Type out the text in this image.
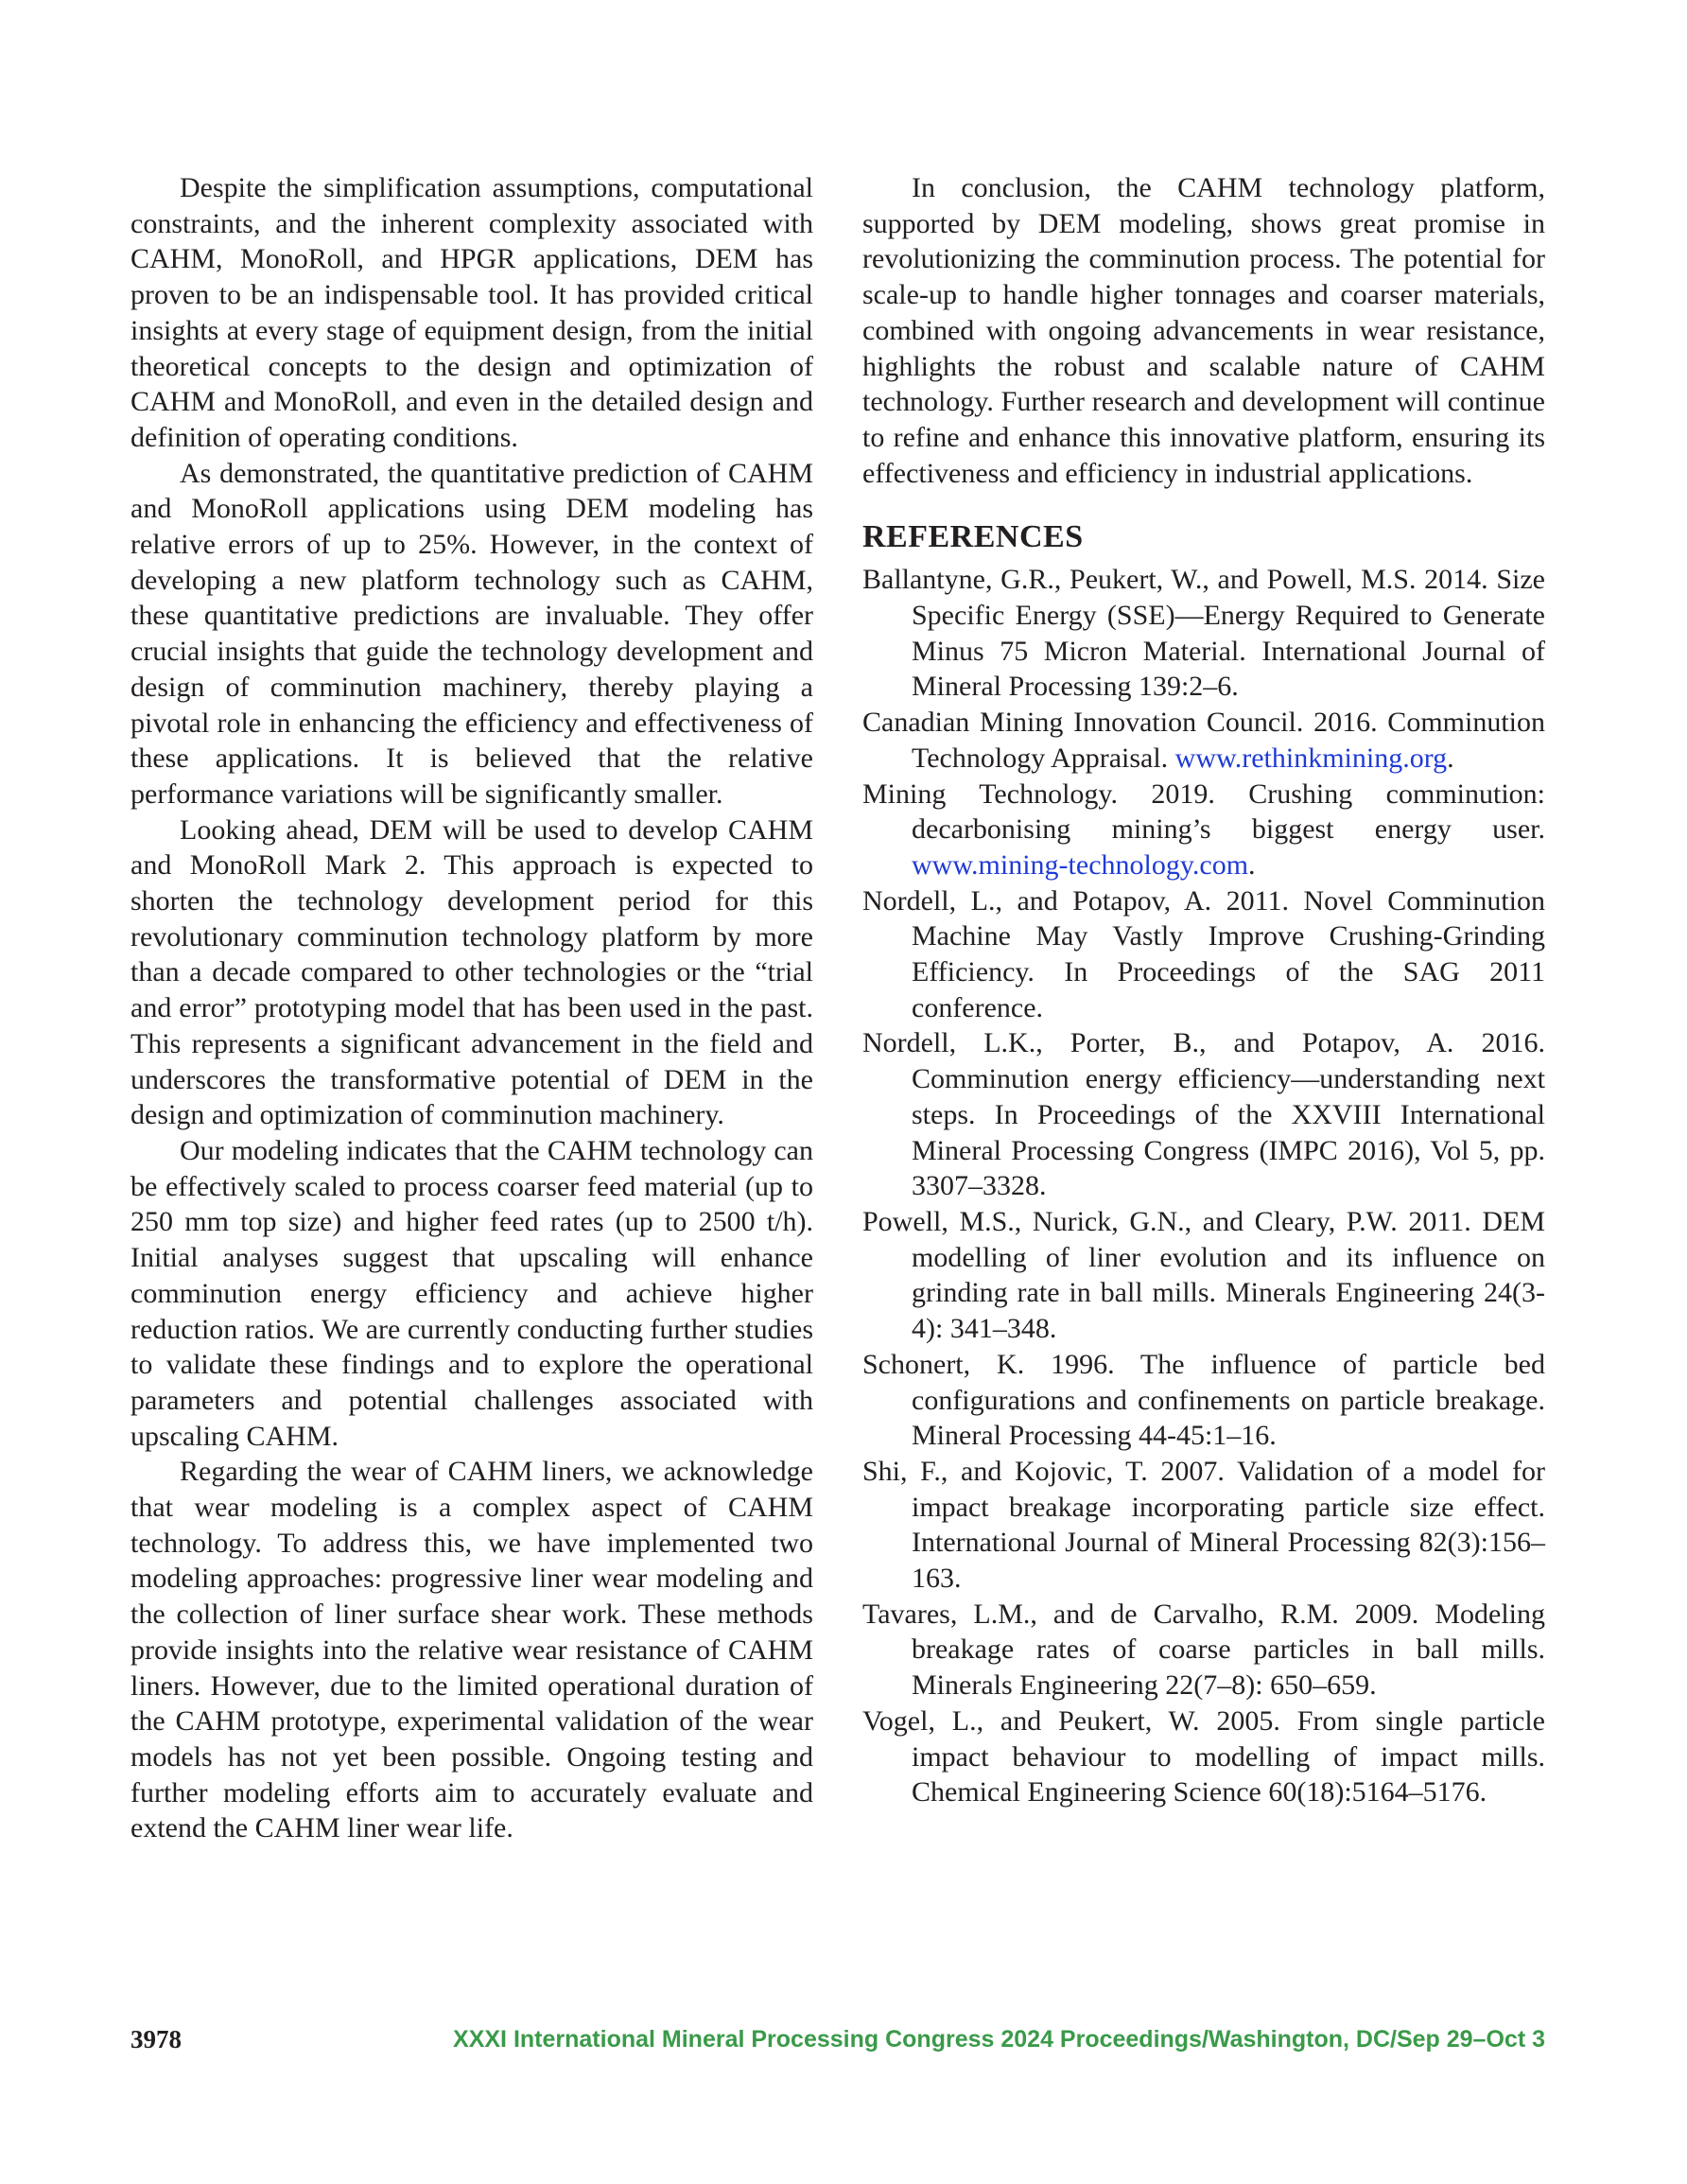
Despite the simplification assumptions, computational constraints, and the inherent complexity associated with CAHM, MonoRoll, and HPGR applications, DEM has proven to be an indispensable tool. It has provided critical insights at every stage of equipment design, from the initial theoretical concepts to the design and optimization of CAHM and MonoRoll, and even in the detailed design and definition of operating conditions.

As demonstrated, the quantitative prediction of CAHM and MonoRoll applications using DEM modeling has relative errors of up to 25%. However, in the context of developing a new platform technology such as CAHM, these quantitative predictions are invaluable. They offer crucial insights that guide the technology development and design of comminution machinery, thereby playing a pivotal role in enhancing the efficiency and effectiveness of these applications. It is believed that the relative performance variations will be significantly smaller.

Looking ahead, DEM will be used to develop CAHM and MonoRoll Mark 2. This approach is expected to shorten the technology development period for this revolutionary comminution technology platform by more than a decade compared to other technologies or the “trial and error” prototyping model that has been used in the past. This represents a significant advancement in the field and underscores the transformative potential of DEM in the design and optimization of comminution machinery.

Our modeling indicates that the CAHM technology can be effectively scaled to process coarser feed material (up to 250 mm top size) and higher feed rates (up to 2500 t/h). Initial analyses suggest that upscaling will enhance comminution energy efficiency and achieve higher reduction ratios. We are currently conducting further studies to validate these findings and to explore the operational parameters and potential challenges associated with upscaling CAHM.

Regarding the wear of CAHM liners, we acknowledge that wear modeling is a complex aspect of CAHM technology. To address this, we have implemented two modeling approaches: progressive liner wear modeling and the collection of liner surface shear work. These methods provide insights into the relative wear resistance of CAHM liners. However, due to the limited operational duration of the CAHM prototype, experimental validation of the wear models has not yet been possible. Ongoing testing and further modeling efforts aim to accurately evaluate and extend the CAHM liner wear life.

In conclusion, the CAHM technology platform, supported by DEM modeling, shows great promise in revolutionizing the comminution process. The potential for scale-up to handle higher tonnages and coarser materials, combined with ongoing advancements in wear resistance, highlights the robust and scalable nature of CAHM technology. Further research and development will continue to refine and enhance this innovative platform, ensuring its effectiveness and efficiency in industrial applications.

REFERENCES
Ballantyne, G.R., Peukert, W., and Powell, M.S. 2014. Size Specific Energy (SSE)—Energy Required to Generate Minus 75 Micron Material. International Journal of Mineral Processing 139:2–6.
Canadian Mining Innovation Council. 2016. Comminution Technology Appraisal. www.rethinkmining.org.
Mining Technology. 2019. Crushing comminution: decarbonising mining’s biggest energy user. www.mining-technology.com.
Nordell, L., and Potapov, A. 2011. Novel Comminution Machine May Vastly Improve Crushing-Grinding Efficiency. In Proceedings of the SAG 2011 conference.
Nordell, L.K., Porter, B., and Potapov, A. 2016. Comminution energy efficiency—understanding next steps. In Proceedings of the XXVIII International Mineral Processing Congress (IMPC 2016), Vol 5, pp. 3307–3328.
Powell, M.S., Nurick, G.N., and Cleary, P.W. 2011. DEM modelling of liner evolution and its influence on grinding rate in ball mills. Minerals Engineering 24(3-4): 341–348.
Schonert, K. 1996. The influence of particle bed configurations and confinements on particle breakage. Mineral Processing 44-45:1–16.
Shi, F., and Kojovic, T. 2007. Validation of a model for impact breakage incorporating particle size effect. International Journal of Mineral Processing 82(3):156–163.
Tavares, L.M., and de Carvalho, R.M. 2009. Modeling breakage rates of coarse particles in ball mills. Minerals Engineering 22(7–8): 650–659.
Vogel, L., and Peukert, W. 2005. From single particle impact behaviour to modelling of impact mills. Chemical Engineering Science 60(18):5164–5176.
3978	XXXI International Mineral Processing Congress 2024 Proceedings/Washington, DC/Sep 29–Oct 3
